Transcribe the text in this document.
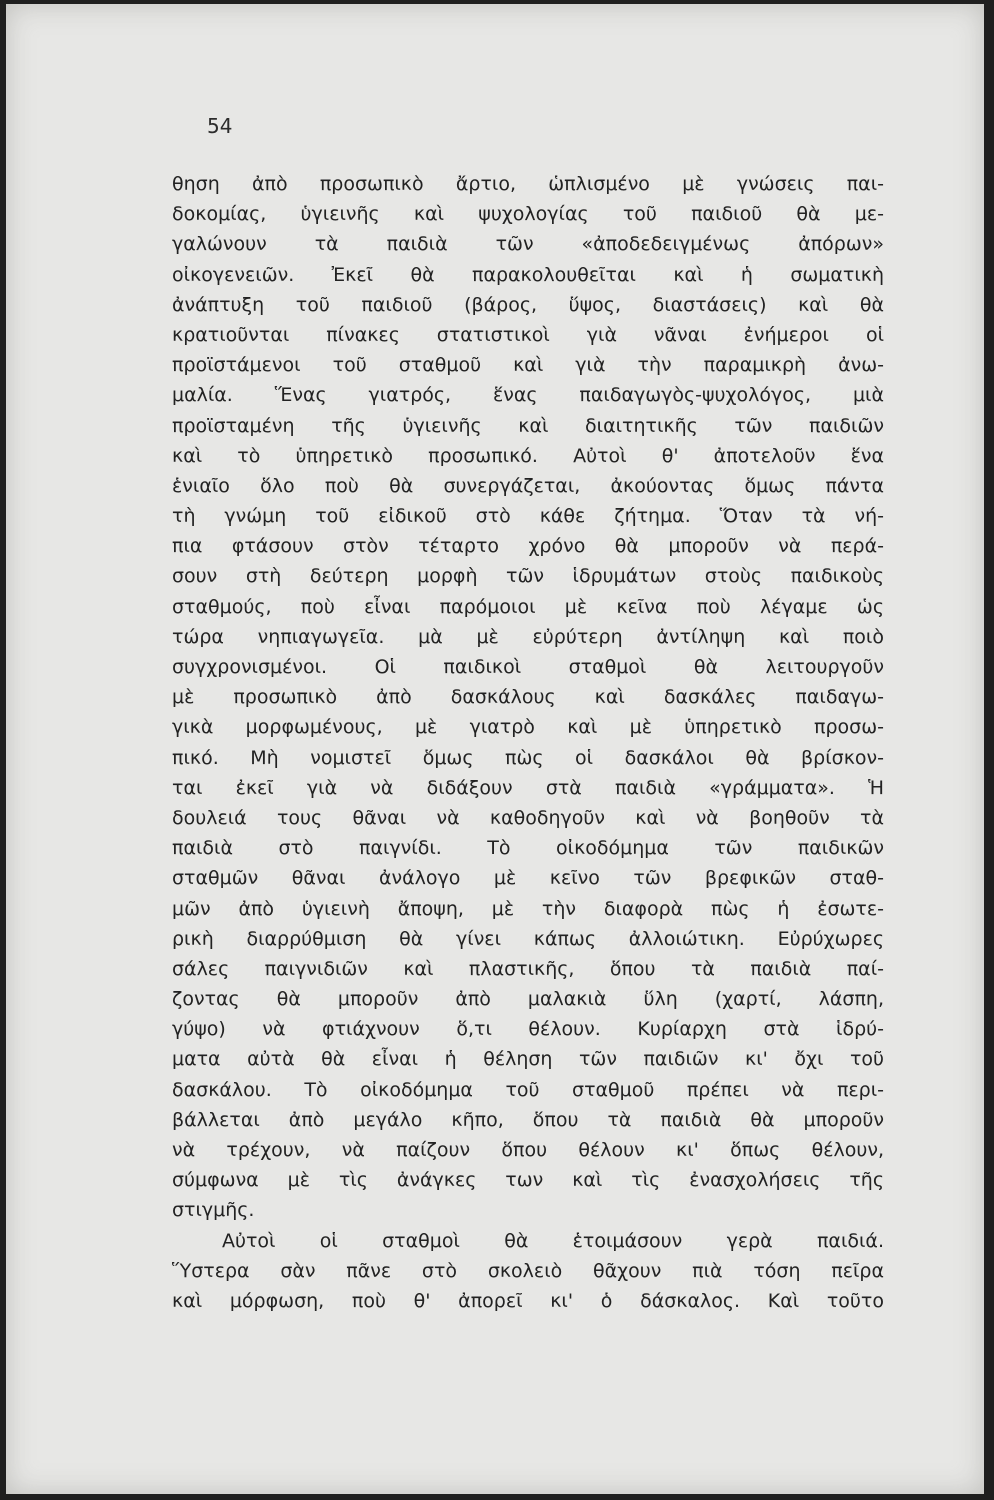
54
θηση ἀπὸ προσωπικὸ ἄρτιο, ὡπλισμένο μὲ γνώσεις παι-
δοκομίας, ὑγιεινῆς καὶ ψυχολογίας τοῦ παιδιοῦ θὰ με-
γαλώνουν τὰ παιδιὰ τῶν «ἀποδεδειγμένως ἀπόρων»
οἰκογενειῶν. Ἐκεῖ θὰ παρακολουθεῖται καὶ ἡ σωματικὴ
ἀνάπτυξη τοῦ παιδιοῦ (βάρος, ὕψος, διαστάσεις) καὶ θὰ
κρατιοῦνται πίνακες στατιστικοὶ γιὰ νᾶναι ἐνήμεροι οἱ
προϊστάμενοι τοῦ σταθμοῦ καὶ γιὰ τὴν παραμικρὴ ἀνω-
μαλία. Ἕνας γιατρός, ἕνας παιδαγωγὸς-ψυχολόγος, μιὰ
προϊσταμένη τῆς ὑγιεινῆς καὶ διαιτητικῆς τῶν παιδιῶν
καὶ τὸ ὑπηρετικὸ προσωπικό. Αὐτοὶ θ' ἀποτελοῦν ἕνα
ἑνιαῖο ὅλο ποὺ θὰ συνεργάζεται, ἀκούοντας ὅμως πάντα
τὴ γνώμη τοῦ εἰδικοῦ στὸ κάθε ζήτημα. Ὅταν τὰ νή-
πια φτάσουν στὸν τέταρτο χρόνο θὰ μποροῦν νὰ περά-
σουν στὴ δεύτερη μορφὴ τῶν ἱδρυμάτων στοὺς παιδικοὺς
σταθμούς, ποὺ εἶναι παρόμοιοι μὲ κεῖνα ποὺ λέγαμε ὡς
τώρα νηπιαγωγεῖα. μὰ μὲ εὐρύτερη ἀντίληψη καὶ ποιὸ
συγχρονισμένοι. Οἱ παιδικοὶ σταθμοὶ θὰ λειτουργοῦν
μὲ προσωπικὸ ἀπὸ δασκάλους καὶ δασκάλες παιδαγω-
γικὰ μορφωμένους, μὲ γιατρὸ καὶ μὲ ὑπηρετικὸ προσω-
πικό. Μὴ νομιστεῖ ὅμως πὼς οἱ δασκάλοι θὰ βρίσκον-
ται ἐκεῖ γιὰ νὰ διδάξουν στὰ παιδιὰ «γράμματα». Ἡ
δουλειά τους θᾶναι νὰ καθοδηγοῦν καὶ νὰ βοηθοῦν τὰ
παιδιὰ στὸ παιγνίδι. Τὸ οἰκοδόμημα τῶν παιδικῶν
σταθμῶν θᾶναι ἀνάλογο μὲ κεῖνο τῶν βρεφικῶν σταθ-
μῶν ἀπὸ ὑγιεινὴ ἄποψη, μὲ τὴν διαφορὰ πὼς ἡ ἐσωτε-
ρικὴ διαρρύθμιση θὰ γίνει κάπως ἀλλοιώτικη. Εὐρύχωρες
σάλες παιγνιδιῶν καὶ πλαστικῆς, ὅπου τὰ παιδιὰ παί-
ζοντας θὰ μποροῦν ἀπὸ μαλακιὰ ὕλη (χαρτί, λάσπη,
γύψο) νὰ φτιάχνουν ὅ,τι θέλουν. Κυρίαρχη στὰ ἱδρύ-
ματα αὐτὰ θὰ εἶναι ἡ θέληση τῶν παιδιῶν κι' ὄχι τοῦ
δασκάλου. Τὸ οἰκοδόμημα τοῦ σταθμοῦ πρέπει νὰ περι-
βάλλεται ἀπὸ μεγάλο κῆπο, ὅπου τὰ παιδιὰ θὰ μποροῦν
νὰ τρέχουν, νὰ παίζουν ὅπου θέλουν κι' ὅπως θέλουν,
σύμφωνα μὲ τὶς ἀνάγκες των καὶ τὶς ἐνασχολήσεις τῆς
στιγμῆς.
Αὐτοὶ οἱ σταθμοὶ θὰ ἑτοιμάσουν γερὰ παιδιά.
Ὕστερα σὰν πᾶνε στὸ σκολειὸ θᾶχουν πιὰ τόση πεῖρα
καὶ μόρφωση, ποὺ θ' ἀπορεῖ κι' ὁ δάσκαλος. Καὶ τοῦτο
